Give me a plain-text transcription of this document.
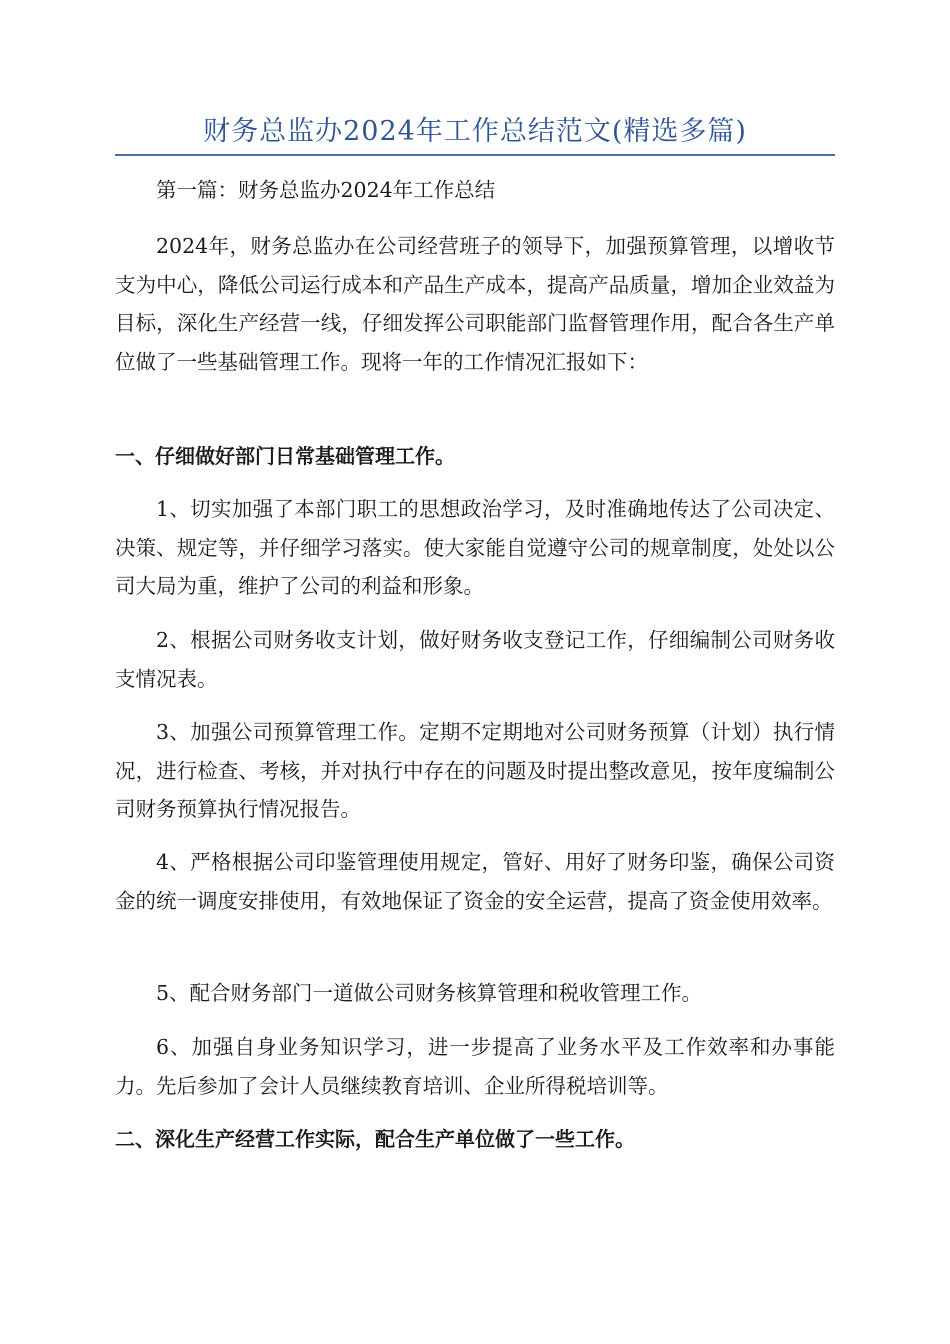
财务总监办2024年工作总结范文(精选多篇)

第一篇：财务总监办2024年工作总结

2024年，财务总监办在公司经营班子的领导下，加强预算管理，以增收节支为中心，降低公司运行成本和产品生产成本，提高产品质量，增加企业效益为目标，深化生产经营一线，仔细发挥公司职能部门监督管理作用，配合各生产单位做了一些基础管理工作。现将一年的工作情况汇报如下：

一、仔细做好部门日常基础管理工作。

1、切实加强了本部门职工的思想政治学习，及时准确地传达了公司决定、决策、规定等，并仔细学习落实。使大家能自觉遵守公司的规章制度，处处以公司大局为重，维护了公司的利益和形象。

2、根据公司财务收支计划，做好财务收支登记工作，仔细编制公司财务收支情况表。

3、加强公司预算管理工作。定期不定期地对公司财务预算（计划）执行情况，进行检查、考核，并对执行中存在的问题及时提出整改意见，按年度编制公司财务预算执行情况报告。

4、严格根据公司印鉴管理使用规定，管好、用好了财务印鉴，确保公司资金的统一调度安排使用，有效地保证了资金的安全运营，提高了资金使用效率。

5、配合财务部门一道做公司财务核算管理和税收管理工作。

6、加强自身业务知识学习，进一步提高了业务水平及工作效率和办事能力。先后参加了会计人员继续教育培训、企业所得税培训等。

二、深化生产经营工作实际，配合生产单位做了一些工作。
